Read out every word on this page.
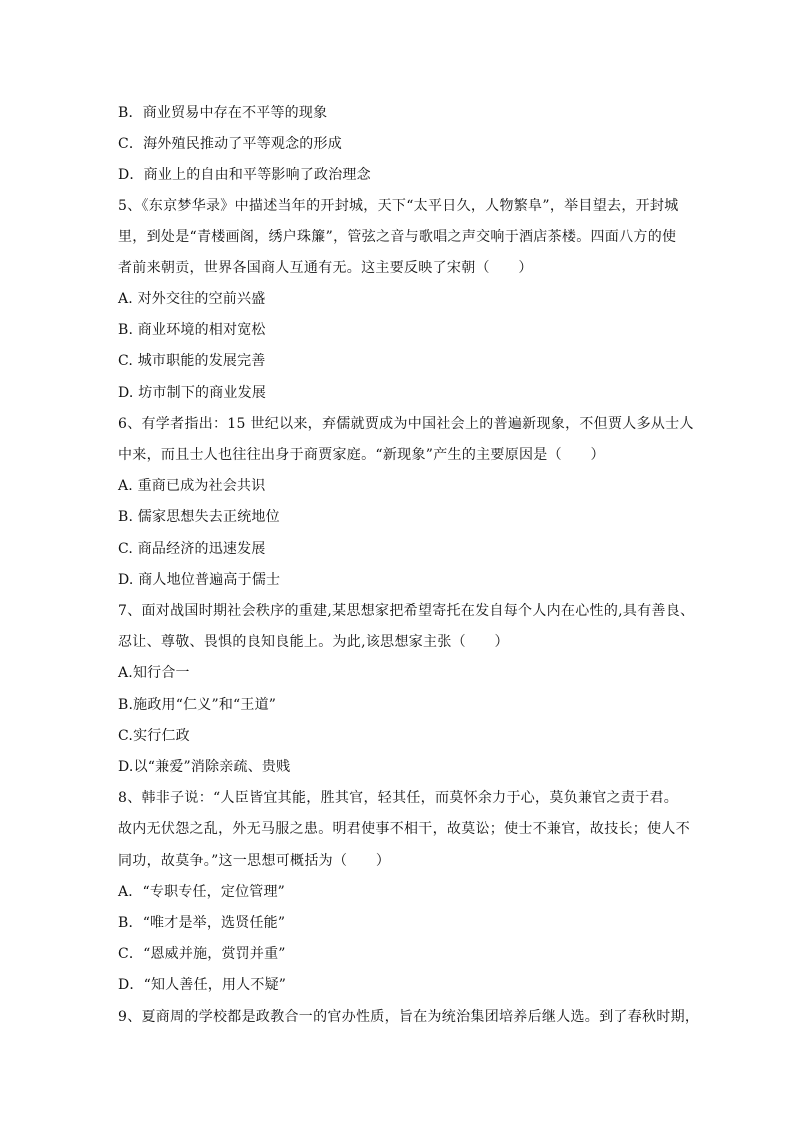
B．商业贸易中存在不平等的现象
C．海外殖民推动了平等观念的形成
D．商业上的自由和平等影响了政治理念
5、《东京梦华录》中描述当年的开封城，天下“太平日久，人物繁阜”，举目望去，开封城
里，到处是“青楼画阁，绣户珠簾”，管弦之音与歌唱之声交响于酒店茶楼。四面八方的使
者前来朝贡，世界各国商人互通有无。这主要反映了宋朝（　　）
A. 对外交往的空前兴盛
B. 商业环境的相对宽松
C. 城市职能的发展完善
D. 坊市制下的商业发展
6、有学者指出：15 世纪以来，弃儒就贾成为中国社会上的普遍新现象，不但贾人多从士人
中来，而且士人也往往出身于商贾家庭。“新现象”产生的主要原因是（　　）
A. 重商已成为社会共识
B. 儒家思想失去正统地位
C. 商品经济的迅速发展
D. 商人地位普遍高于儒士
7、面对战国时期社会秩序的重建,某思想家把希望寄托在发自每个人内在心性的,具有善良、
忍让、尊敬、畏惧的良知良能上。为此,该思想家主张（　　）
A.知行合一
B.施政用“仁义”和“王道”
C.实行仁政
D.以“兼爱”消除亲疏、贵贱
8、韩非子说：“人臣皆宜其能，胜其官，轻其任，而莫怀余力于心，莫负兼官之责于君。
故内无伏怨之乱，外无马服之患。明君使事不相干，故莫讼；使士不兼官，故技长；使人不
同功，故莫争。”这一思想可概括为（　　）
A．“专职专任，定位管理”
B．“唯才是举，选贤任能”
C．“恩威并施，赏罚并重”
D．“知人善任，用人不疑”
9、夏商周的学校都是政教合一的官办性质，旨在为统治集团培养后继人选。到了春秋时期，
